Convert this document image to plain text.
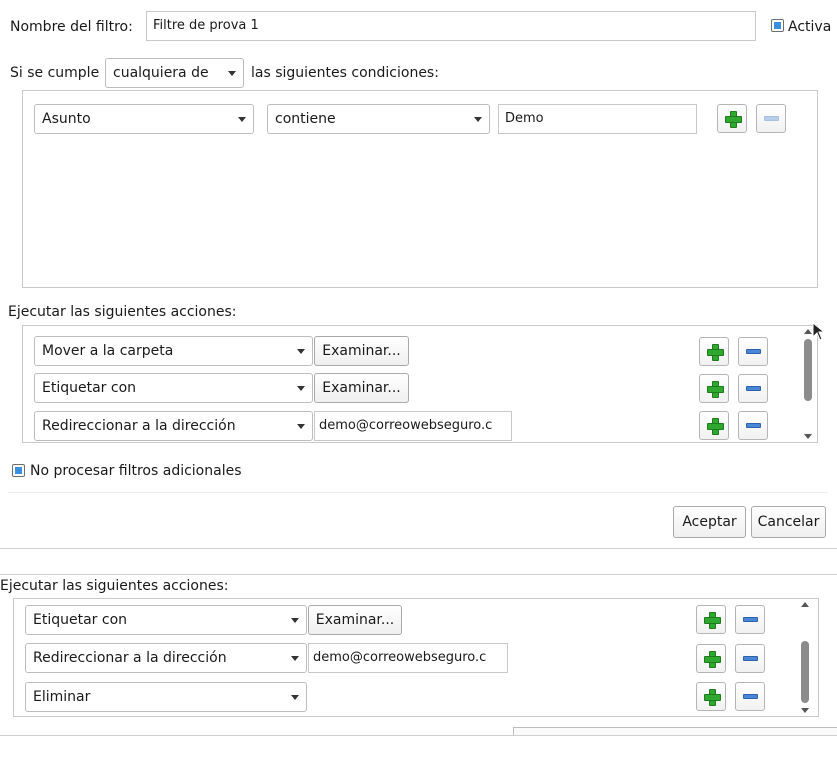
Nombre del filtro:	Filtre de prova 1	Activa
Si se cumple cualquiera de	las siguientes condiciones:
Asunto	contiene	Demo
Ejecutar las siguientes acciones:
Mover a la carpeta	Examinar...
Etiquetar con	Examinar...
Redireccionar a la dirección	demo@correowebseguro.c
No procesar filtros adicionales
Aceptar	Cancelar
Ejecutar las siguientes acciones:
Etiquetar con	Examinar...
Redireccionar a la dirección	demo@correowebseguro.c
Eliminar
